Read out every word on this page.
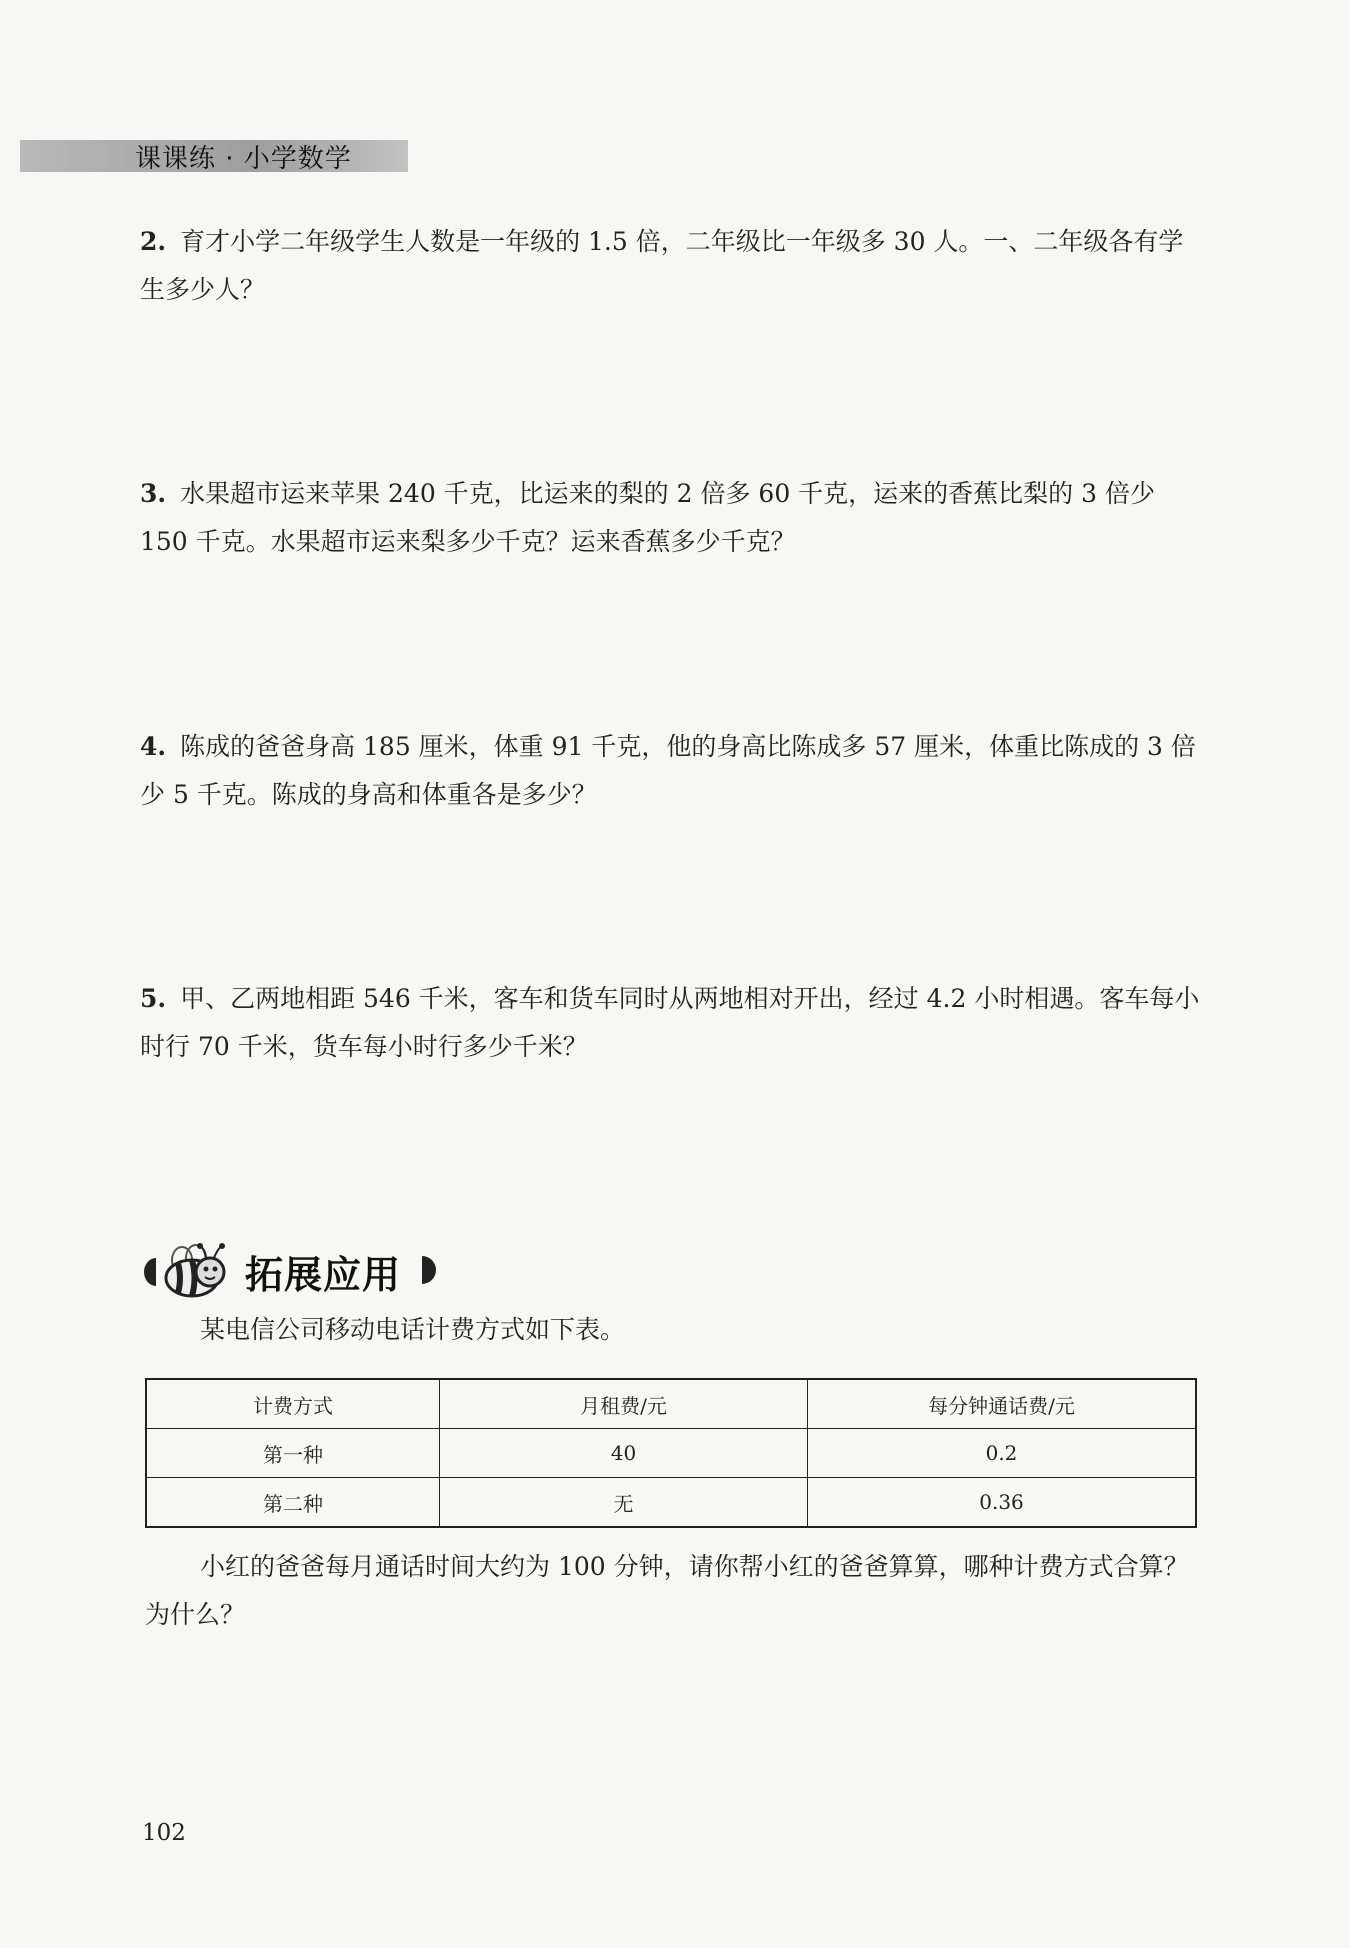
课课练 · 小学数学
2. 育才小学二年级学生人数是一年级的 1.5 倍，二年级比一年级多 30 人。一、二年级各有学生多少人？
3. 水果超市运来苹果 240 千克，比运来的梨的 2 倍多 60 千克，运来的香蕉比梨的 3 倍少 150 千克。水果超市运来梨多少千克？运来香蕉多少千克？
4. 陈成的爸爸身高 185 厘米，体重 91 千克，他的身高比陈成多 57 厘米，体重比陈成的 3 倍少 5 千克。陈成的身高和体重各是多少？
5. 甲、乙两地相距 546 千米，客车和货车同时从两地相对开出，经过 4.2 小时相遇。客车每小时行 70 千米，货车每小时行多少千米？
拓展应用
某电信公司移动电话计费方式如下表。
计费方式	月租费/元	每分钟通话费/元
第一种	40	0.2
第二种	无	0.36
小红的爸爸每月通话时间大约为 100 分钟，请你帮小红的爸爸算算，哪种计费方式合算？为什么？
102
